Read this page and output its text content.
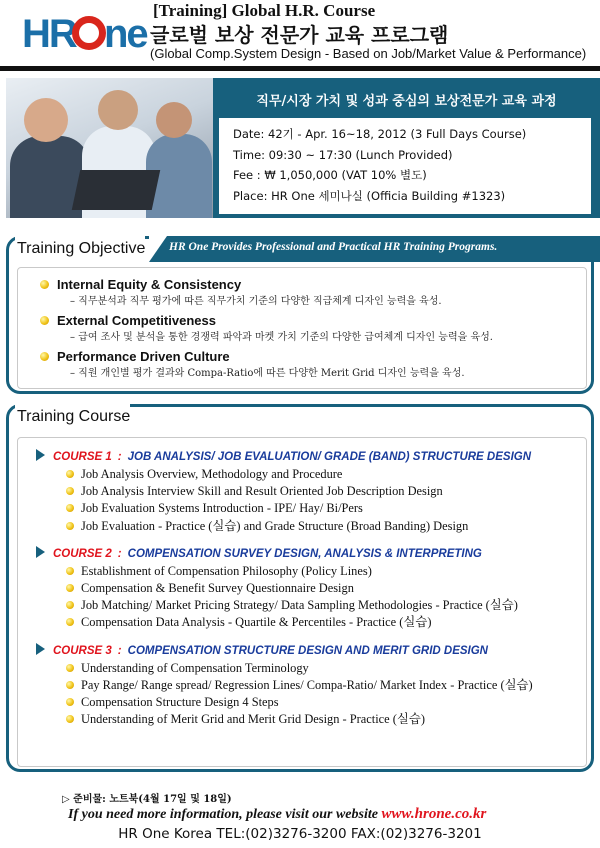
HR ne
[Training] Global H.R. Course
글로벌 보상 전문가 교육 프로그램
(Global Comp.System Design - Based on Job/Market Value & Performance)
직무/시장 가치 및 성과 중심의 보상전문가 교육 과정
Date: 42기 - Apr. 16~18, 2012 (3 Full Days Course)
Time: 09:30 ~ 17:30 (Lunch Provided)
Fee : ₩ 1,050,000 (VAT 10% 별도)
Place: HR One 세미나실 (Officia Building #1323)
HR One Provides Professional and Practical HR Training Programs.
Training Objective
Internal Equity & Consistency
– 직무분석과 직무 평가에 따른 직무가치 기준의 다양한 직급체계 디자인 능력을 육성.
External Competitiveness
– 급여 조사 및 분석을 통한 경쟁력 파악과 마켓 가치 기준의 다양한 급여체계 디자인 능력을 육성.
Performance Driven Culture
– 직원 개인별 평가 결과와 Compa-Ratio에 따른 다양한 Merit Grid 디자인 능력을 육성.
Training Course
COURSE 1 : JOB ANALYSIS/ JOB EVALUATION/ GRADE (BAND) STRUCTURE DESIGN
Job Analysis Overview, Methodology and Procedure
Job Analysis Interview Skill and Result Oriented Job Description Design
Job Evaluation Systems Introduction - IPE/ Hay/ Bi/Pers
Job Evaluation - Practice (실습) and Grade Structure (Broad Banding) Design
COURSE 2 : COMPENSATION SURVEY DESIGN, ANALYSIS & INTERPRETING
Establishment of Compensation Philosophy (Policy Lines)
Compensation & Benefit Survey Questionnaire Design
Job Matching/ Market Pricing Strategy/ Data Sampling Methodologies - Practice (실습)
Compensation Data Analysis - Quartile & Percentiles - Practice (실습)
COURSE 3 : COMPENSATION STRUCTURE DESIGN AND MERIT GRID DESIGN
Understanding of Compensation Terminology
Pay Range/ Range spread/ Regression Lines/ Compa-Ratio/ Market Index - Practice (실습)
Compensation Structure Design 4 Steps
Understanding of Merit Grid and Merit Grid Design - Practice (실습)
▷ 준비물: 노트북(4월 17일 및 18일)
If you need more information, please visit our website www.hrone.co.kr
HR One Korea TEL:(02)3276-3200 FAX:(02)3276-3201
